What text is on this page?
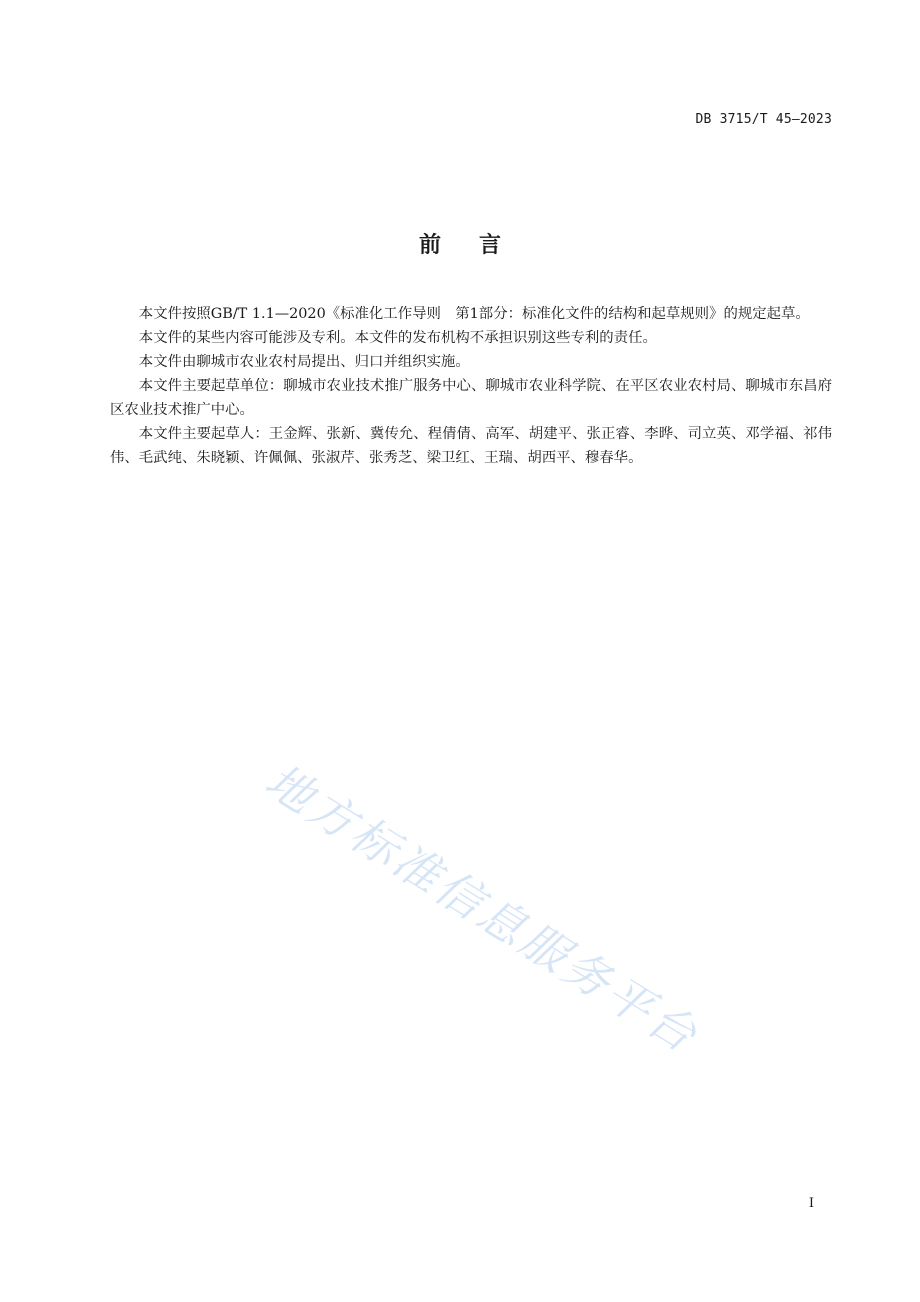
DB 3715/T 45—2023
前言

本文件按照GB/T 1.1—2020《标准化工作导则　第1部分：标准化文件的结构和起草规则》的规定起草。

本文件的某些内容可能涉及专利。本文件的发布机构不承担识别这些专利的责任。

本文件由聊城市农业农村局提出、归口并组织实施。

本文件主要起草单位：聊城市农业技术推广服务中心、聊城市农业科学院、在平区农业农村局、聊城市东昌府区农业技术推广中心。

本文件主要起草人：王金辉、张新、冀传允、程倩倩、高军、胡建平、张正睿、李晔、司立英、邓学福、祁伟伟、毛武纯、朱晓颖、许佩佩、张淑芹、张秀芝、梁卫红、王瑞、胡西平、穆春华。

地方标准信息服务平台
I
